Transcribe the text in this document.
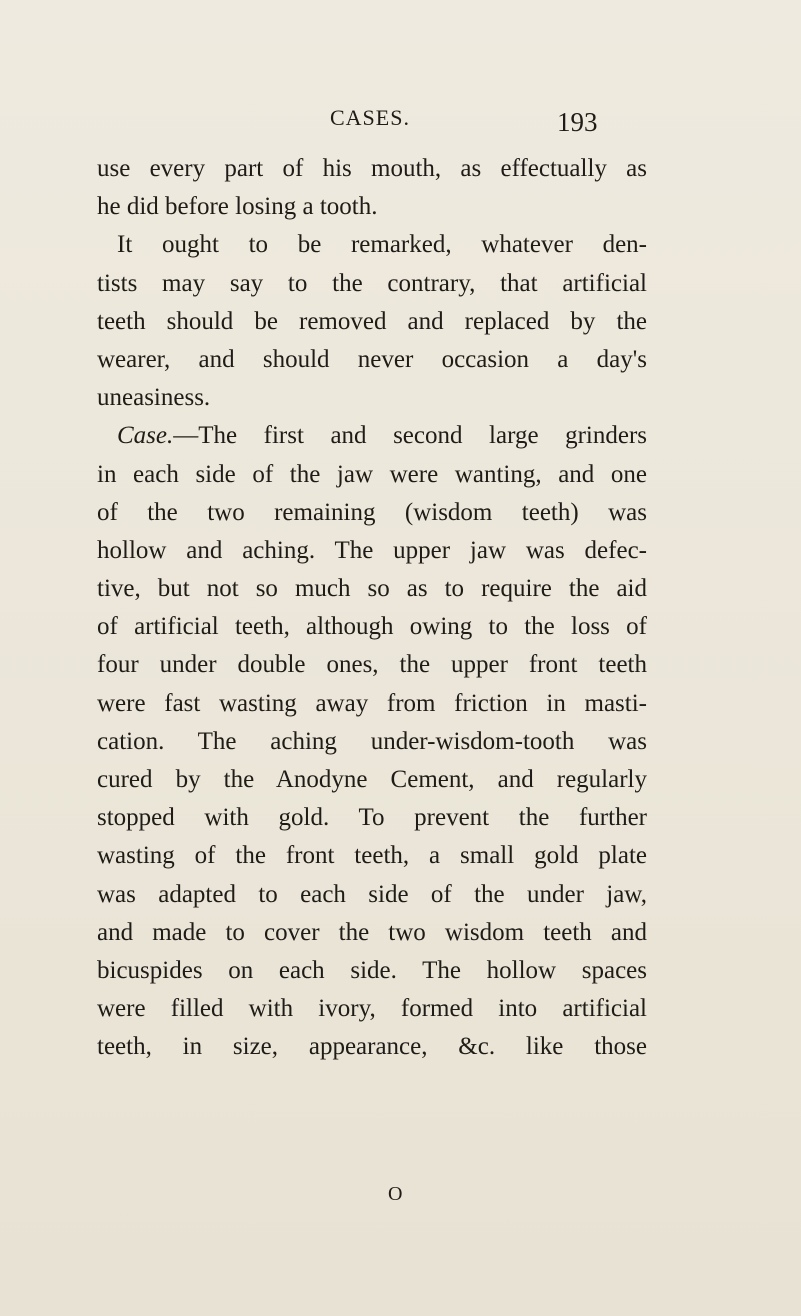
CASES.	193
use every part of his mouth, as effectually as
he did before losing a tooth.
It ought to be remarked, whatever den-
tists may say to the contrary, that artificial
teeth should be removed and replaced by the
wearer, and should never occasion a day's
uneasiness.
Case.—The first and second large grinders
in each side of the jaw were wanting, and one
of the two remaining (wisdom teeth) was
hollow and aching. The upper jaw was defec-
tive, but not so much so as to require the aid
of artificial teeth, although owing to the loss of
four under double ones, the upper front teeth
were fast wasting away from friction in masti-
cation. The aching under-wisdom-tooth was
cured by the Anodyne Cement, and regularly
stopped with gold. To prevent the further
wasting of the front teeth, a small gold plate
was adapted to each side of the under jaw,
and made to cover the two wisdom teeth and
bicuspides on each side. The hollow spaces
were filled with ivory, formed into artificial
teeth, in size, appearance, &c. like those
O
